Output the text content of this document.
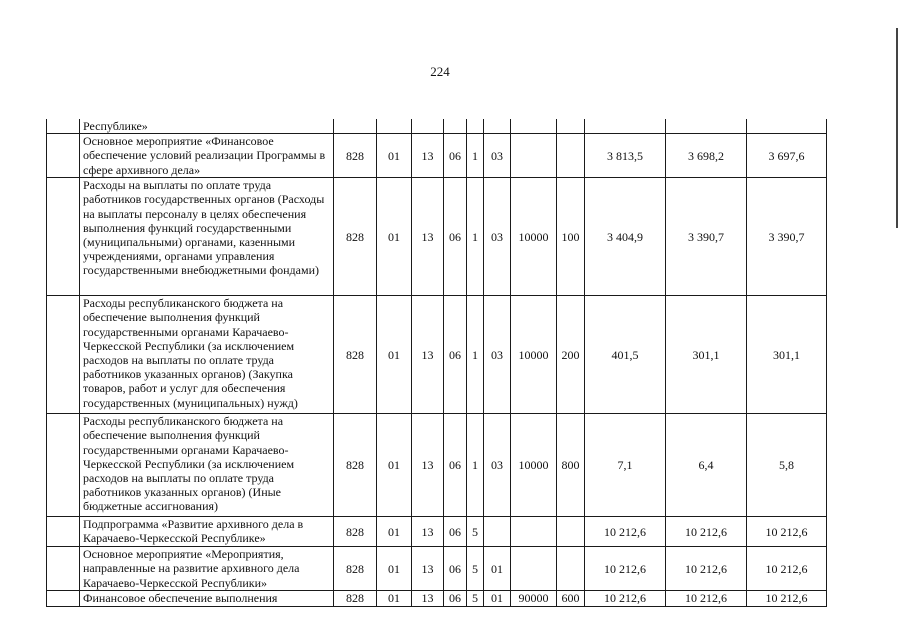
224
	Республике»											
	Основное мероприятие «Финансовое обеспечение условий реализации Программы в сфере архивного дела»	828	01	13	06	1	03			3 813,5	3 698,2	3 697,6
	Расходы на выплаты по оплате труда работников государственных органов (Расходы на выплаты персоналу в целях обеспечения выполнения функций государственными (муниципальными) органами, казенными учреждениями, органами управления государственными внебюджетными фондами)	828	01	13	06	1	03	10000	100	3 404,9	3 390,7	3 390,7
	Расходы республиканского бюджета на обеспечение выполнения функций государственными органами Карачаево-Черкесской Республики (за исключением расходов на выплаты по оплате труда работников указанных органов) (Закупка товаров, работ и услуг для обеспечения государственных (муниципальных) нужд)	828	01	13	06	1	03	10000	200	401,5	301,1	301,1
	Расходы республиканского бюджета на обеспечение выполнения функций государственными органами Карачаево-Черкесской Республики (за исключением расходов на выплаты по оплате труда работников указанных органов) (Иные бюджетные ассигнования)	828	01	13	06	1	03	10000	800	7,1	6,4	5,8
	Подпрограмма «Развитие архивного дела в Карачаево-Черкесской Республике»	828	01	13	06	5				10 212,6	10 212,6	10 212,6
	Основное мероприятие «Мероприятия, направленные на развитие архивного дела Карачаево-Черкесской Республики»	828	01	13	06	5	01			10 212,6	10 212,6	10 212,6
	Финансовое обеспечение выполнения	828	01	13	06	5	01	90000	600	10 212,6	10 212,6	10 212,6
